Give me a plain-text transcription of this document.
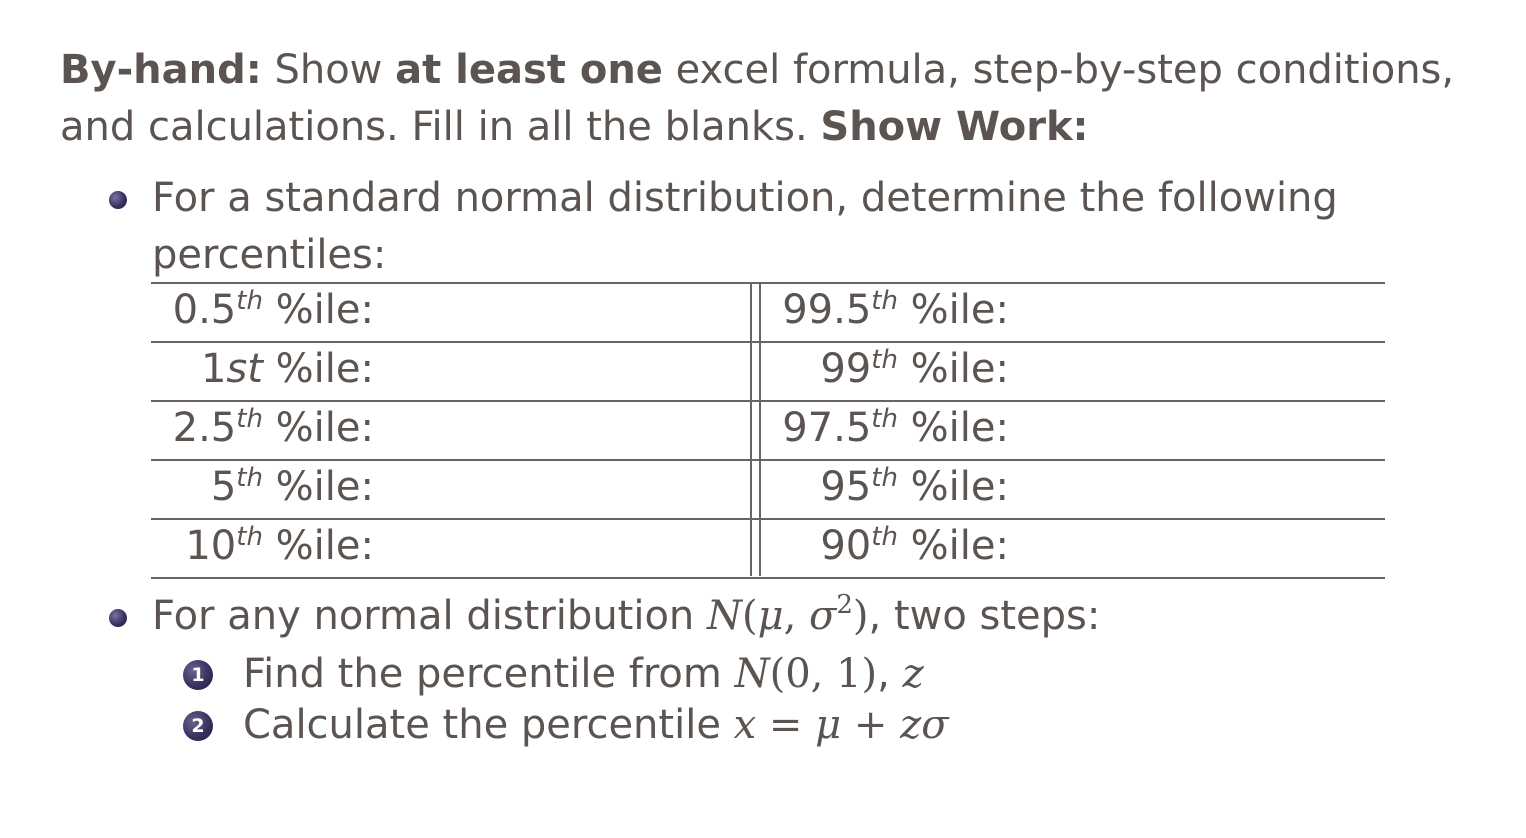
By-hand: Show at least one excel formula, step-by-step conditions, and calculations. Fill in all the blanks. Show Work:
For a standard normal distribution, determine the following
percentiles:
0.5th %ile:	99.5th %ile:
1st %ile:	99th %ile:
2.5th %ile:	97.5th %ile:
5th %ile:	95th %ile:
10th %ile:	90th %ile:
For any normal distribution N(μ, $\sigma^2$), two steps:
1 Find the percentile from N(0, 1), z
2 Calculate the percentile x = μ + zσ
